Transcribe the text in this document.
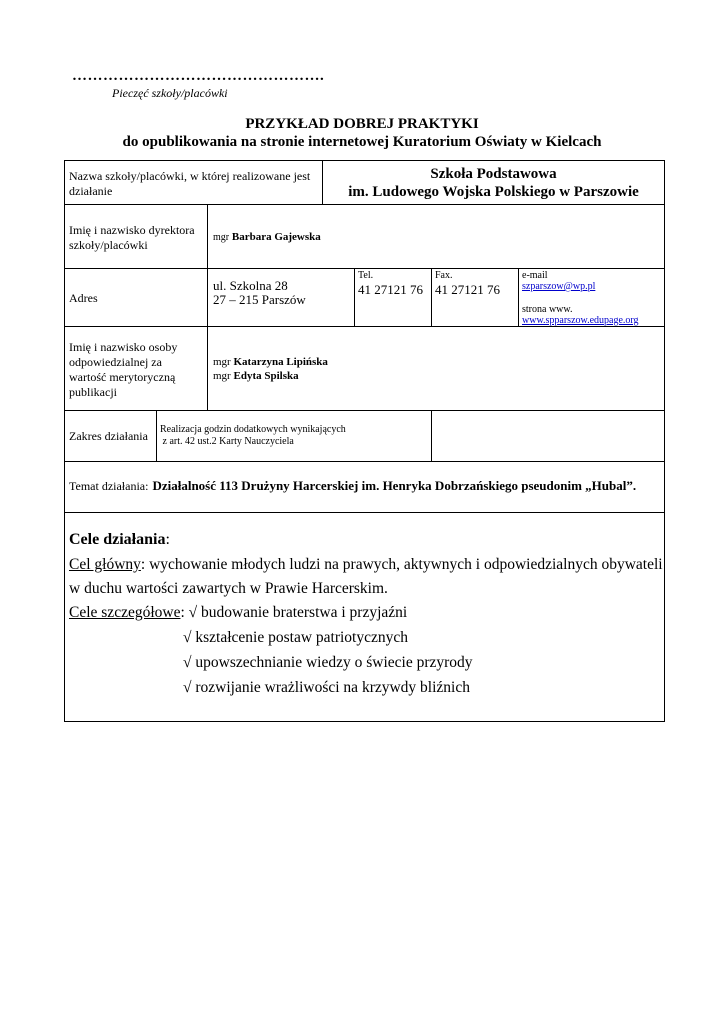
………………………………………….
Pieczęć szkoły/placówki
PRZYKŁAD DOBREJ PRAKTYKI
do opublikowania na stronie internetowej Kuratorium Oświaty w Kielcach
Nazwa szkoły/placówki, w której realizowane jest działanie
Szkoła Podstawowa
im. Ludowego Wojska Polskiego w Parszowie
Imię i nazwisko dyrektora szkoły/placówki
mgr Barbara Gajewska
Adres
ul. Szkolna 28
27 – 215 Parszów
Tel.
41 27121 76
Fax.
41 27121 76
e-mail
szparszow@wp.pl
strona www.
www.spparszow.edupage.org
Imię i nazwisko osoby odpowiedzialnej za wartość merytoryczną publikacji
mgr Katarzyna Lipińska
mgr Edyta Spilska
Zakres działania Realizacja godzin dodatkowych wynikających
z art. 42 ust.2 Karty Nauczyciela
Temat działania: Działalność 113 Drużyny Harcerskiej im. Henryka Dobrzańskiego pseudonim „Hubal”.
Cele działania:
Cel główny: wychowanie młodych ludzi na prawych, aktywnych i odpowiedzialnych obywateli
w duchu wartości zawartych w Prawie Harcerskim.
Cele szczegółowe: √ budowanie braterstwa i przyjaźni
√ kształcenie postaw patriotycznych
√ upowszechnianie wiedzy o świecie przyrody
√ rozwijanie wrażliwości na krzywdy bliźnich
